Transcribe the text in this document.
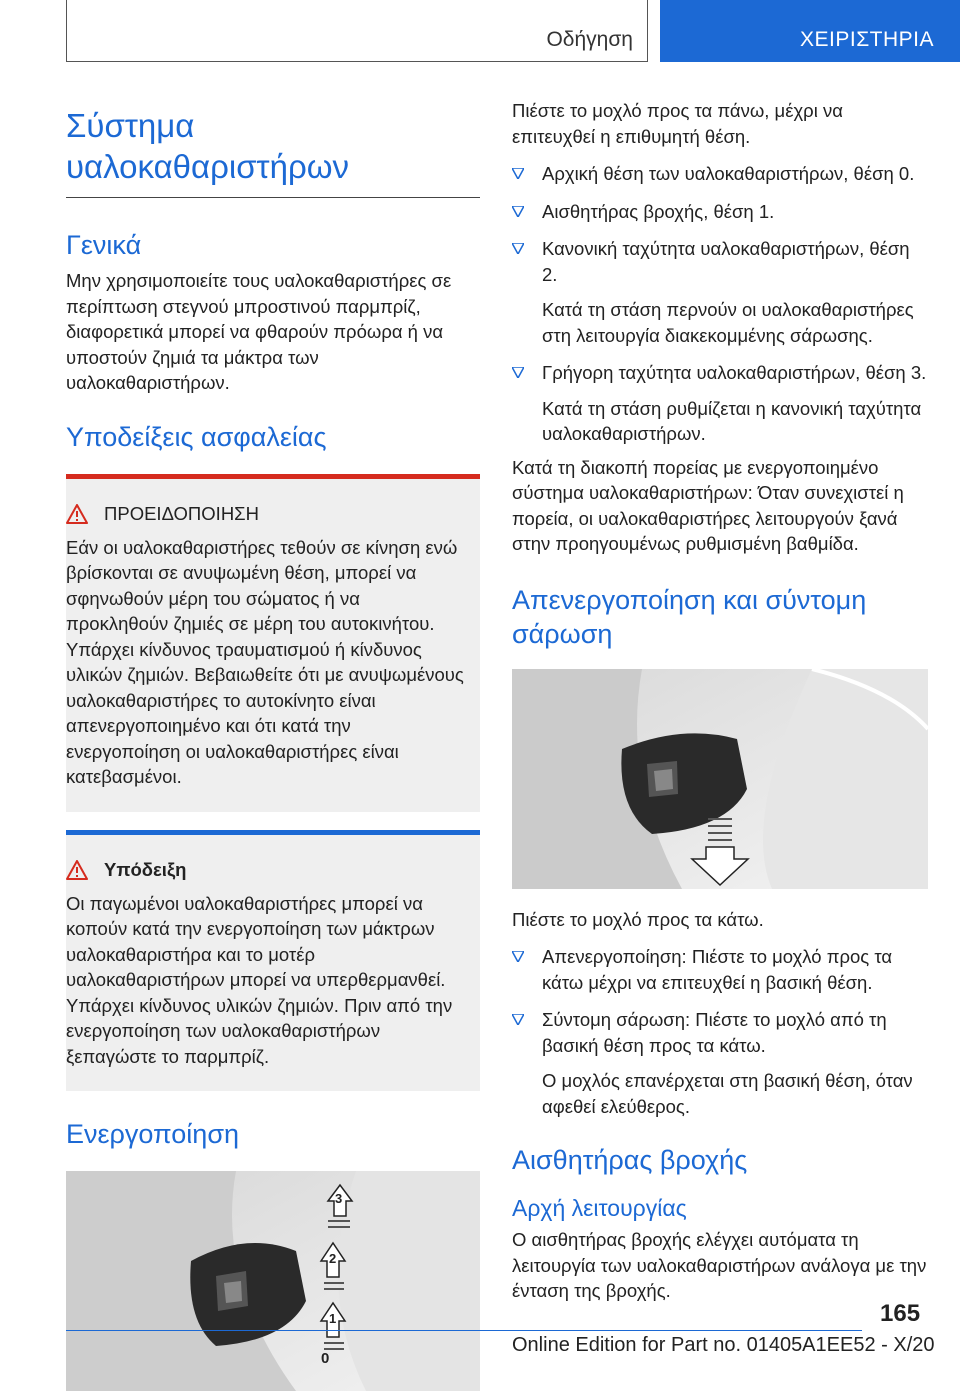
Οδήγηση	ΧΕΙΡΙΣΤΗΡΙΑ
Σύστημα υαλοκαθαριστήρων
Γενικά

Μην χρησιμοποιείτε τους υαλοκαθαριστήρες σε περίπτωση στεγνού μπροστινού παρμπρίζ, διαφορετικά μπορεί να φθαρούν πρόωρα ή να υποστούν ζημιά τα μάκτρα των υαλοκαθαριστήρων.

Υποδείξεις ασφαλείας
ΠΡΟΕΙΔΟΠΟΙΗΣΗ

Εάν οι υαλοκαθαριστήρες τεθούν σε κίνηση ενώ βρίσκονται σε ανυψωμένη θέση, μπορεί να σφηνωθούν μέρη του σώματος ή να προκληθούν ζημιές σε μέρη του αυτοκινήτου. Υπάρχει κίνδυνος τραυματισμού ή κίνδυνος υλικών ζημιών. Βεβαιωθείτε ότι με ανυψωμένους υαλοκαθαριστήρες το αυτοκίνητο είναι απενεργοποιημένο και ότι κατά την ενεργοποίηση οι υαλοκαθαριστήρες είναι κατεβασμένοι.

Υπόδειξη

Οι παγωμένοι υαλοκαθαριστήρες μπορεί να κοπούν κατά την ενεργοποίηση των μάκτρων υαλοκαθαριστήρα και το μοτέρ υαλοκαθαριστήρων μπορεί να υπερθερμανθεί. Υπάρχει κίνδυνος υλικών ζημιών. Πριν από την ενεργοποίηση των υαλοκαθαριστήρων ξεπαγώστε το παρμπρίζ.

Ενεργοποίηση
3
2
1
0

Πιέστε το μοχλό προς τα πάνω, μέχρι να επιτευχθεί η επιθυμητή θέση.

Αρχική θέση των υαλοκαθαριστήρων, θέση 0.
Αισθητήρας βροχής, θέση 1.
Κανονική ταχύτητα υαλοκαθαριστήρων, θέση 2.
Κατά τη στάση περνούν οι υαλοκαθαριστήρες στη λειτουργία διακεκομμένης σάρωσης.
Γρήγορη ταχύτητα υαλοκαθαριστήρων, θέση 3.
Κατά τη στάση ρυθμίζεται η κανονική ταχύτητα υαλοκαθαριστήρων.

Κατά τη διακοπή πορείας με ενεργοποιημένο σύστημα υαλοκαθαριστήρων: Όταν συνεχιστεί η πορεία, οι υαλοκαθαριστήρες λειτουργούν ξανά στην προηγουμένως ρυθμισμένη βαθμίδα.

Απενεργοποίηση και σύντομη σάρωση

Πιέστε το μοχλό προς τα κάτω.

Απενεργοποίηση: Πιέστε το μοχλό προς τα κάτω μέχρι να επιτευχθεί η βασική θέση.
Σύντομη σάρωση: Πιέστε το μοχλό από τη βασική θέση προς τα κάτω.
Ο μοχλός επανέρχεται στη βασική θέση, όταν αφεθεί ελεύθερος.
Αισθητήρας βροχής
Αρχή λειτουργίας

Ο αισθητήρας βροχής ελέγχει αυτόματα τη λειτουργία των υαλοκαθαριστήρων ανάλογα με την ένταση της βροχής.

165
Online Edition for Part no. 01405A1EE52 - X/20
